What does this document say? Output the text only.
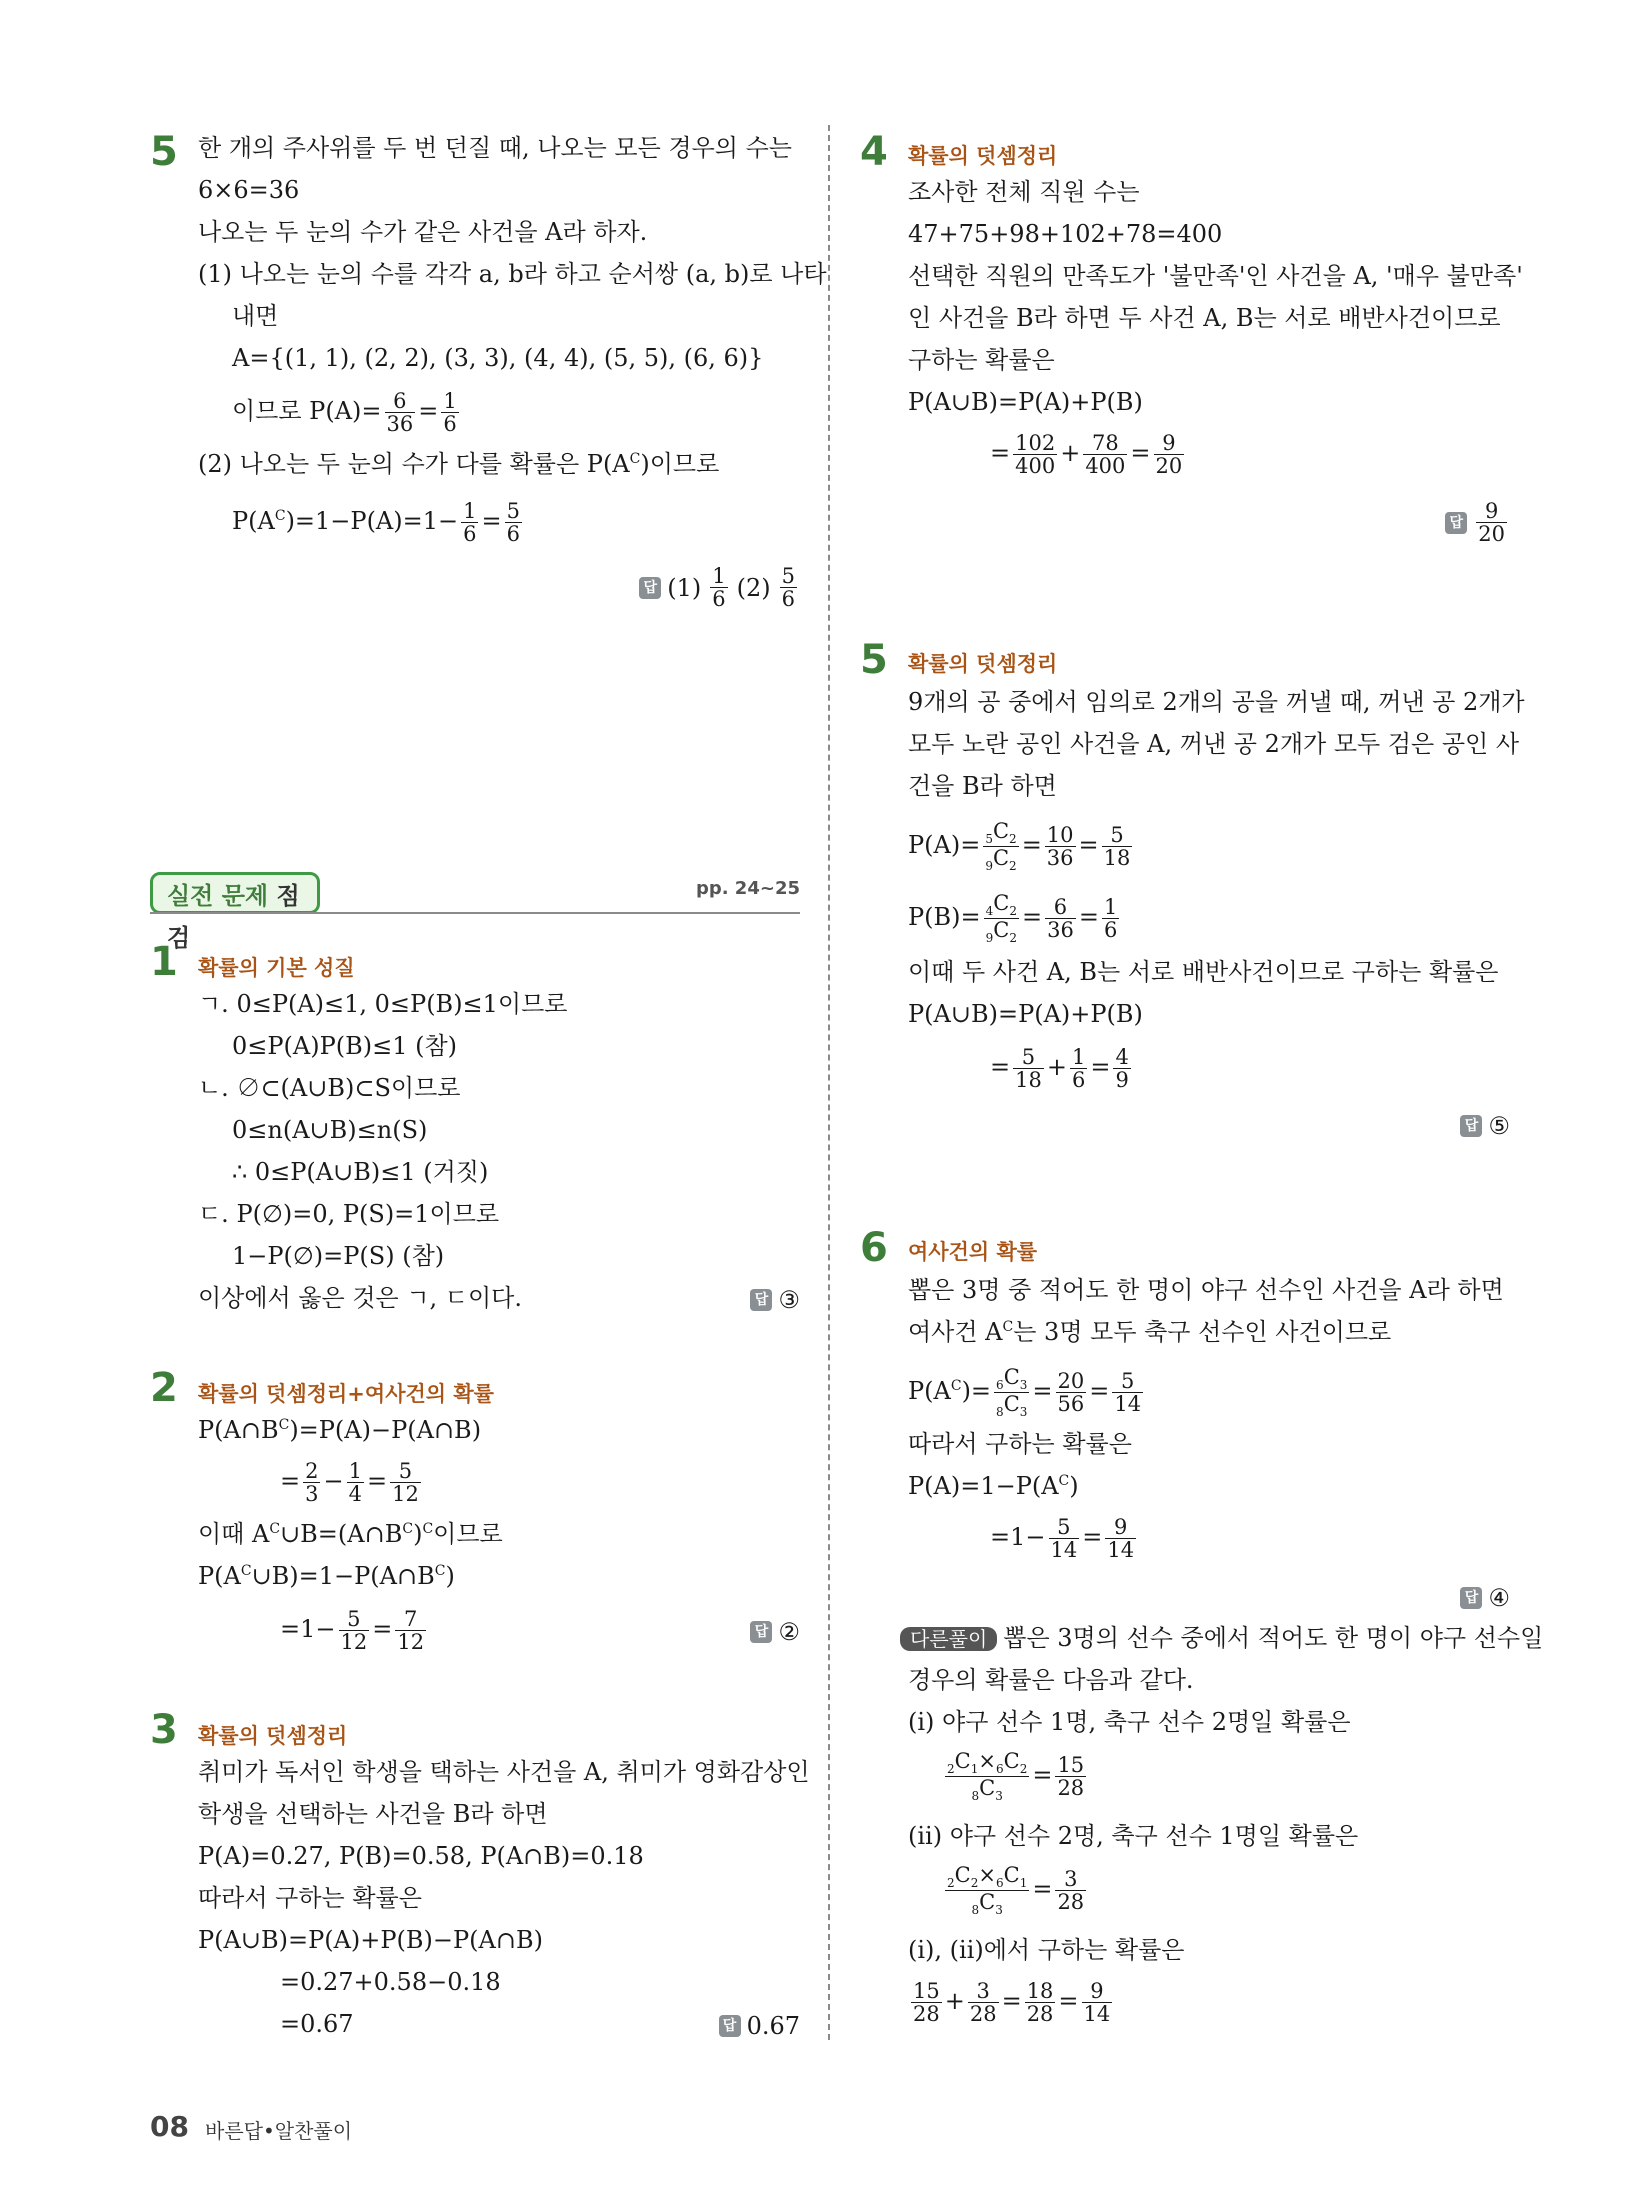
5 한 개의 주사위를 두 번 던질 때, 나오는 모든 경우의 수는
6×6=36
나오는 두 눈의 수가 같은 사건을 A라 하자.
(1) 나오는 눈의 수를 각각 a, b라 하고 순서쌍 (a, b)로 나타
내면
A={(1, 1), (2, 2), (3, 3), (4, 4), (5, 5), (6, 6)}
이므로 $P(A)= \frac{6}{36} = \frac{1}{6}$
(2) 나오는 두 눈의 수가 다를 확률은 $P(A^C)$이므로
$P(A^C)=1-P(A)=1- \frac{1}{6} = \frac{5}{6}$
답 (1) 1
6 (2) 5
6
실전 문제 점검
pp. 24~25
1 확률의 기본 성질
ㄱ. 0≤P(A)≤1, 0≤P(B)≤1이므로
0≤P(A)P(B)≤1 (참)
ㄴ. ∅⊂(A∪B)⊂S이므로
0≤n(A∪B)≤n(S)
∴ 0≤P(A∪B)≤1 (거짓)
ㄷ. P(∅)=0, P(S)=1이므로
1−P(∅)=P(S) (참)
이상에서 옳은 것은 ㄱ, ㄷ이다.	답 ③
2 확률의 덧셈정리+여사건의 확률
$P(A\cap B^C)=P(A)-P(A\cap B)$
= $\frac{2}{3} - \frac{1}{4} = \frac{5}{12}$
이때 $A^C\cup B=(A\cap B^C)^C$이므로
$P(A^C\cup B)=1-P(A\cap B^C)$
$=1- \frac{5}{12} = \frac{7}{12}$	답 ②
3 확률의 덧셈정리
취미가 독서인 학생을 택하는 사건을 A, 취미가 영화감상인
학생을 선택하는 사건을 B라 하면
P(A)=0.27, P(B)=0.58, P(A∩B)=0.18
따라서 구하는 확률은
P(A∪B)=P(A)+P(B)−P(A∩B)
=0.27+0.58−0.18
=0.67	답 0.67
4 확률의 덧셈정리
조사한 전체 직원 수는
47+75+98+102+78=400
선택한 직원의 만족도가 '불만족'인 사건을 A, '매우 불만족'
인 사건을 B라 하면 두 사건 A, B는 서로 배반사건이므로
구하는 확률은
P(A∪B)=P(A)+P(B)
= $\frac{102}{400} + \frac{78}{400} = \frac{9}{20}$
답	9
20
5 확률의 덧셈정리
9개의 공 중에서 임의로 2개의 공을 꺼낼 때, 꺼낸 공 2개가
모두 노란 공인 사건을 A, 꺼낸 공 2개가 모두 검은 공인 사
건을 B라 하면
$P(A)= \frac{_5C_2}{_9C_2} = \frac{10}{36} = \frac{5}{18}$
$P(B)= \frac{_4C_2}{_9C_2} = \frac{6}{36} = \frac{1}{6}$
이때 두 사건 A, B는 서로 배반사건이므로 구하는 확률은
P(A∪B)=P(A)+P(B)
= $\frac{5}{18} + \frac{1}{6} = \frac{4}{9}$
답 ⑤
6 여사건의 확률
뽑은 3명 중 적어도 한 명이 야구 선수인 사건을 A라 하면
여사건 $A^C$는 3명 모두 축구 선수인 사건이므로
$P(A^C)= \frac{_6C_3}{_8C_3} = \frac{20}{56} = \frac{5}{14}$
따라서 구하는 확률은
$P(A)=1-P(A^C)$
$=1- \frac{5}{14} = \frac{9}{14}$
답 ④
다른풀이 뽑은 3명의 선수 중에서 적어도 한 명이 야구 선수일
경우의 확률은 다음과 같다.
(ⅰ) 야구 선수 1명, 축구 선수 2명일 확률은
$\frac{_2C_1\times_6C_2}{_8C_3} = \frac{15}{28}$
(ⅱ) 야구 선수 2명, 축구 선수 1명일 확률은
$\frac{_2C_2\times_6C_1}{_8C_3} = \frac{3}{28}$
(ⅰ), (ⅱ)에서 구하는 확률은
$\frac{15}{28} + \frac{3}{28} = \frac{18}{28} = \frac{9}{14}$
08 바른답•알찬풀이
